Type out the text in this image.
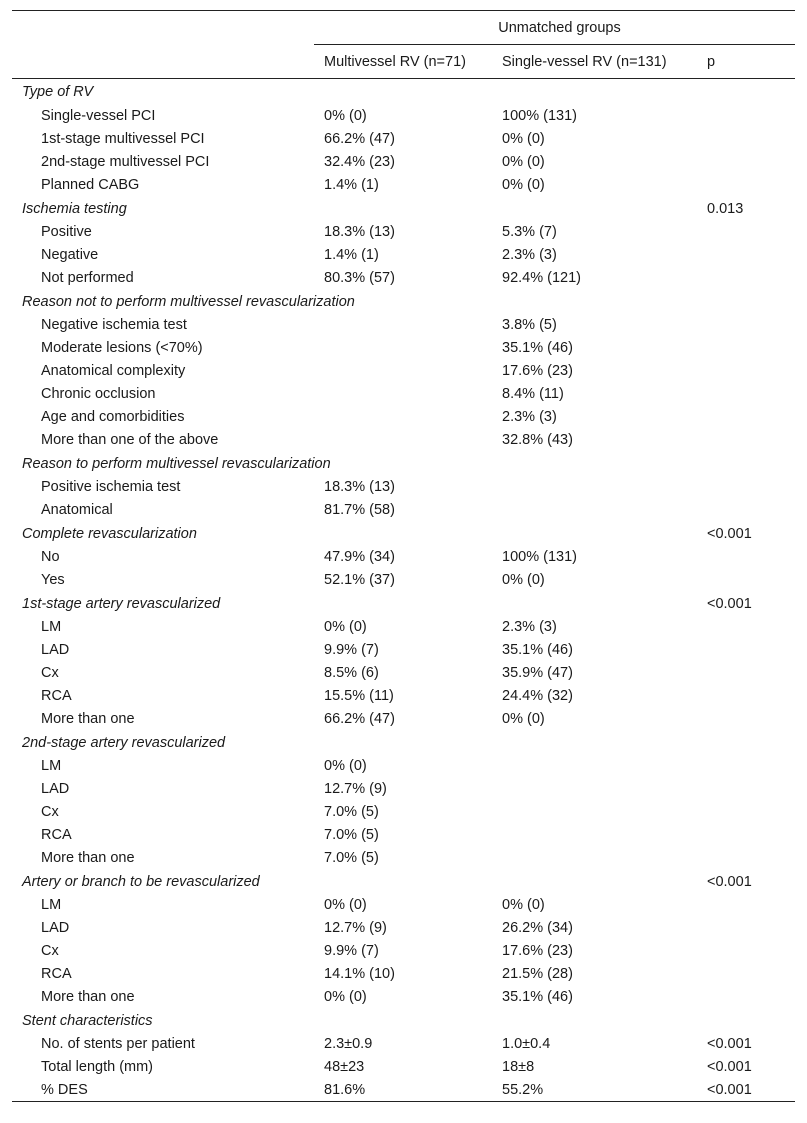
	Unmatched groups		
	Multivessel RV (n=71)	Single-vessel RV (n=131)	p
Type of RV			
Single-vessel PCI	0% (0)	100% (131)	
1st-stage multivessel PCI	66.2% (47)	0% (0)	
2nd-stage multivessel PCI	32.4% (23)	0% (0)	
Planned CABG	1.4% (1)	0% (0)	
Ischemia testing			0.013
Positive	18.3% (13)	5.3% (7)	
Negative	1.4% (1)	2.3% (3)	
Not performed	80.3% (57)	92.4% (121)	
Reason not to perform multivessel revascularization			
Negative ischemia test		3.8% (5)	
Moderate lesions (<70%)		35.1% (46)	
Anatomical complexity		17.6% (23)	
Chronic occlusion		8.4% (11)	
Age and comorbidities		2.3% (3)	
More than one of the above		32.8% (43)	
Reason to perform multivessel revascularization			
Positive ischemia test	18.3% (13)		
Anatomical	81.7% (58)		
Complete revascularization			<0.001
No	47.9% (34)	100% (131)	
Yes	52.1% (37)	0% (0)	
1st-stage artery revascularized			<0.001
LM	0% (0)	2.3% (3)	
LAD	9.9% (7)	35.1% (46)	
Cx	8.5% (6)	35.9% (47)	
RCA	15.5% (11)	24.4% (32)	
More than one	66.2% (47)	0% (0)	
2nd-stage artery revascularized			
LM	0% (0)		
LAD	12.7% (9)		
Cx	7.0% (5)		
RCA	7.0% (5)		
More than one	7.0% (5)		
Artery or branch to be revascularized			<0.001
LM	0% (0)	0% (0)	
LAD	12.7% (9)	26.2% (34)	
Cx	9.9% (7)	17.6% (23)	
RCA	14.1% (10)	21.5% (28)	
More than one	0% (0)	35.1% (46)	
Stent characteristics			
No. of stents per patient	2.3±0.9	1.0±0.4	<0.001
Total length (mm)	48±23	18±8	<0.001
% DES	81.6%	55.2%	<0.001
